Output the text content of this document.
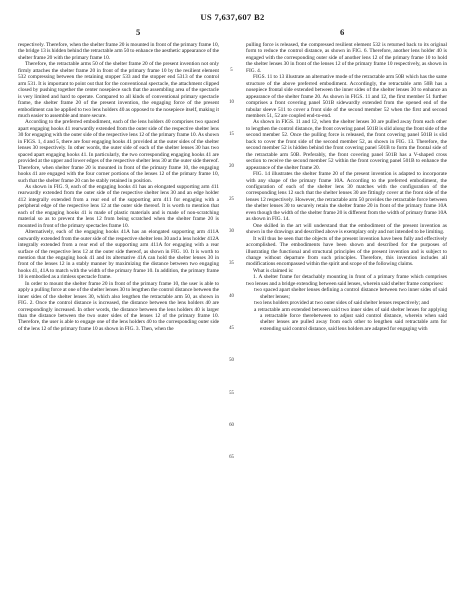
US 7,637,607 B2

5	6

respectively. Therefore, when the shelter frame 20 is mounted in front of the primary frame 10, the bridge 13 is hidden behind the retractable arm 50 to enhance the aesthetic appearance of the shelter frame 20 with the primary frame 10.

Therefore, the retractable arms 50 of the shelter frame 20 of the present invention not only firmly attaches the shelter frame 20 in front of the primary frame 10 by the resilient element 532 compressing between the retaining stopper 533 and the stopper end 5313 of the control arm 531. It is important to point out that for the conventional spectacle, the attachment clipped closed by pushing together the center nosepiece such that the assembling area of the spectacle is very limited and hard to operate. Compared to all kinds of conventional primary spectacle frame, the shelter frame 20 of the present invention, the engaging force of the present embodiment can be applied to two lens holders 40 as opposed to the nosepiece itself, making it much easier to assemble and more secure.

According to the preferred embodiment, each of the lens holders 40 comprises two spaced apart engaging hooks 41 rearwardly extended from the outer side of the respective shelter lens 30 for engaging with the outer side of the respective lens 12 of the primary frame 10. As shown in FIGS. 1, 4 and 5, there are four engaging hooks 41 provided at the outer sides of the shelter lenses 30 respectively. In other words, the outer side of each of the shelter lenses 30 has two spaced apart engaging hooks 41. In particularly, the two corresponding engaging hooks 41 are provided at the upper and lower edges of the respective shelter lens 30 at the outer side thereof. Therefore, when shelter frame 20 is mounted in front of the primary frame 10, the engaging hooks 41 are engaged with the four corner portions of the lenses 12 of the primary frame 10, such that the shelter frame 20 can be stably retained in position.

As shown in FIG. 9, each of the engaging hooks 41 has an elongated supporting arm 411 rearwardly extended from the outer side of the respective shelter lens 30 and an edge holder 412 integrally extended from a rear end of the supporting arm 411 for engaging with a peripheral edge of the respective lens 12 at the outer side thereof. It is worth to mention that each of the engaging hooks 41 is made of plastic materials and is made of non-scratching material so as to prevent the lens 12 from being scratched when the shelter frame 20 is mounted in front of the primary spectacles frame 10.

Alternatively, each of the engaging hooks 41A has an elongated supporting arm 411A outwardly extended from the outer side of the respective shelter lens 30 and a lens holder 412A integrally extended from a rear end of the supporting arm 411A for engaging with a rear surface of the respective lens 12 at the outer side thereof, as shown in FIG. 10. It is worth to mention that the engaging hook 41 and its alternative 41A can hold the shelter lenses 30 in front of the lenses 12 in a stably manner by maximizing the distance between two engaging hooks 41, 41A to match with the width of the primary frame 10. In addition, the primary frame 10 is embodied as a rimless spectacle frame.

In order to mount the shelter frame 20 in front of the primary frame 10, the user is able to apply a pulling force at one of the shelter lenses 30 to lengthen the control distance between the inner sides of the shelter lenses 30, which also lengthen the retractable arm 50, as shown in FIG. 2. Once the control distance is increased, the distance between the lens holders 40 are correspondingly increased. In other words, the distance between the lens holders 40 is larger than the distance between the two outer sides of the lenses 12 of the primary frame 10. Therefore, the user is able to engage one of the lens holders 40 to the corresponding outer side of the lens 12 of the primary frame 10 as shown in FIG. 3. Then, when the

5
10
15
20
25
30
35
40
45
50
55
60
65

pulling force is released, the compressed resilient element 532 is returned back to its original form to reduce the control distance, as shown in FIG. 6. Therefore, another lens holder 40 is engaged with the corresponding outer side of another lens 12 of the primary frame 10 to hold the shelter lenses 30 in front of the lenses 12 of the primary frame 10 respectively, as shown in FIG. 4.

FIGS. 11 to 13 illustrate an alternative mode of the retractable arm 50B which has the same structure of the above preferred embodiment. Accordingly, the retractable arm 50B has a nosepiece frontal side extended between the inner sides of the shelter lenses 30 to enhance an appearance of the shelter frame 20. As shown in FIGS. 11 and 12, the first member 51 further comprises a front covering panel 501B sidewardly extended from the opened end of the tubular sleeve 511 to cover a front side of the second member 52 when the first and second members 51, 52 are coupled end-to-end.

As shown in FIGS. 11 and 12, when the shelter lenses 30 are pulled away from each other to lengthen the control distance, the front covering panel 501B is slid along the front side of the second member 52. Once the pulling force is released, the front covering panel 501B is slid back to cover the front side of the second member 52, as shown in FIG. 13. Therefore, the second member 52 is hidden behind the front covering panel 501B to form the frontal side of the retractable arm 50B. Preferably, the front covering panel 501B has a V-shaped cross section to receive the second member 52 within the front covering panel 501B to enhance the appearance of the shelter frame 20.

FIG. 14 illustrates the shelter frame 20 of the present invention is adapted to incorporate with any shape of the primary frame 10A. According to the preferred embodiment, the configuration of each of the shelter lens 30 matches with the configuration of the corresponding lens 12 such that the shelter lenses 30 are fittingly cover at the front side of the lenses 12 respectively. However, the retractable arm 50 provides the retractable force between the shelter lenses 30 to securely retain the shelter frame 20 in front of the primary frame 10A even though the width of the shelter frame 20 is different from the width of primary frame 10A as shown in FIG. 14.

One skilled in the art will understand that the embodiment of the present invention as shown in the drawings and described above is exemplary only and not intended to be limiting.

It will thus be seen that the objects of the present invention have been fully and effectively accomplished. The embodiments have been shown and described for the purposes of illustrating the functional and structural principles of the present invention and is subject to change without departure from such principles. Therefore, this invention includes all modifications encompassed within the spirit and scope of the following claims.

What is claimed is:

1. A shelter frame for detachably mounting in front of a primary frame which comprises two lenses and a bridge extending between said lenses, wherein said shelter frame comprises:

two spaced apart shelter lenses defining a control distance between two inner sides of said shelter lenses;

two lens holders provided at two outer sides of said shelter lenses respectively; and

a retractable arm extended between said two inner sides of said shelter lenses for applying a retractable force therebetween to adjust said control distance, wherein when said shelter lenses are pulled away from each other to lengthen said retractable arm for extending said control distance, said lens holders are adapted for engaging with
